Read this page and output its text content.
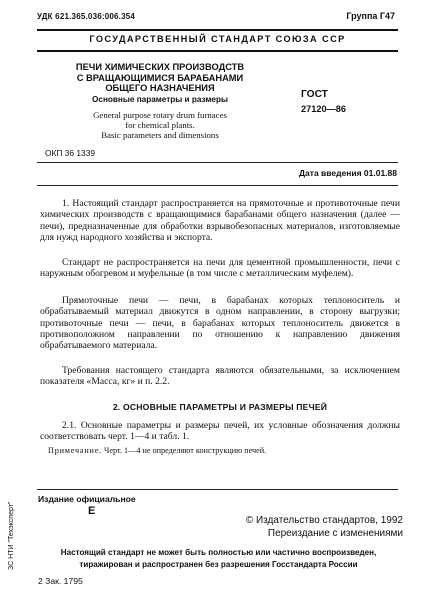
УДК 621.365.036:006.354	Группа Г47
ГОСУДАРСТВЕННЫЙ СТАНДАРТ СОЮЗА ССР
ПЕЧИ ХИМИЧЕСКИХ ПРОИЗВОДСТВ
С ВРАЩАЮЩИМИСЯ БАРАБАНАМИ
ОБЩЕГО НАЗНАЧЕНИЯ
Основные параметры и размеры
General purpose rotary drum furnaces
for chemical plants.
Basic parameters and dimensions
ГОСТ
27120—86
ОКП 36 1339
Дата введения 01.01.88
1. Настоящий стандарт распространяется на прямоточные и противоточные печи химических производств с вращающимися барабанами общего назначения (далее — печи), предназначенные для обработки взрывобезопасных материалов, изготовляемые для нужд народного хозяйства и экспорта.
Стандарт не распространяется на печи для цементной промышленности, печи с наружным обогревом и муфельные (в том числе с металлическим муфелем).
Прямоточные печи — печи, в барабанах которых теплоноситель и обрабатываемый материал движутся в одном направлении, в сторону выгрузки; противоточные печи — печи, в барабанах которых теплоноситель движется в противоположном направлении по отношению к направлению движения обрабатываемого материала.
Требования настоящего стандарта являются обязательными, за исключением показателя «Масса, кг» и п. 2.2.
2. ОСНОВНЫЕ ПАРАМЕТРЫ И РАЗМЕРЫ ПЕЧЕЙ
2.1. Основные параметры и размеры печей, их условные обозначения должны соответствовать черт. 1—4 и табл. 1.
Примечание. Черт. 1—4 не определяют конструкцию печей.
ЗС НТИ "Техэксперт"
Издание официальное
Е
© Издательство стандартов, 1992
Переиздание с изменениями
Настоящий стандарт не может быть полностью или частично воспроизведен,
тиражирован и распространен без разрешения Госстандарта России
2 Зак. 1795
